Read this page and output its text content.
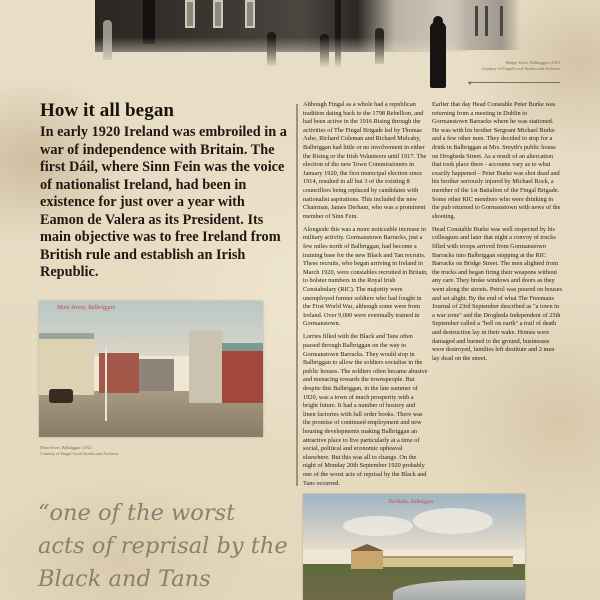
Bridge Street, Balbriggan c1912
Courtesy of Fingal Local Studies and Archives
How it all began

In early 1920 Ireland was embroiled in a war of independence with Britain. The first Dáil, where Sinn Fein was the voice of nationalist Ireland, had been in existence for just over a year with Eamon de Valera as its President. Its main objective was to free Ireland from British rule and establish an Irish Republic.

Although Fingal as a whole had a republican tradition dating back to the 1798 Rebellion, and had been active in the 1916 Rising through the activities of The Fingal Brigade led by Thomas Ashe, Richard Coleman and Richard Mulcahy, Balbriggan had little or no involvement in either the Rising or the Irish Volunteers until 1917. The election of the new Town Commissioners in January 1920, the first municipal election since 1914, resulted in all but 3 of the existing 8 councillors being replaced by candidates with nationalist aspirations. This included the new Chairman, James Derham, who was a prominent member of Sinn Fein.

Alongside this was a more noticeable increase in military activity. Gormanstown Barracks, just a few miles north of Balbriggan, had become a training base for the new Black and Tan recruits. These recruits, who began arriving in Ireland in March 1920, were constables recruited in Britain, to bolster numbers in the Royal Irish Constabulary (RIC). The majority were unemployed former soldiers who had fought in the First World War, although some were from Ireland. Over 9,000 were eventually trained in Gormanstown.

Lorries filled with the Black and Tans often passed through Balbriggan on the way to Gormanstown Barracks. They would stop in Balbriggan to allow the soldiers socialise in the public houses. The soldiers often became abusive and menacing towards the townspeople. But despite this Balbriggan, in the late summer of 1920, was a town of much prosperity with a bright future. It had a number of hosiery and linen factories with full order books. There was the promise of continued employment and new housing developments making Balbriggan an attractive place to live particularly at a time of social, political and economic upheaval elsewhere. But this was all to change. On the night of Monday 20th September 1920 probably one of the worst acts of reprisal by the Black and Tans occurred.

Earlier that day Head Constable Peter Burke was returning from a meeting in Dublin to Gormanstown Barracks where he was stationed. He was with his brother Sergeant Michael Burke and a few other men. They decided to stop for a drink in Balbriggan at Mrs. Smyth's public house on Drogheda Street. As a result of an altercation that took place there - accounts vary as to what exactly happened – Peter Burke was shot dead and his brother seriously injured by Michael Rock, a member of the 1st Battalion of the Fingal Brigade. Some other RIC members who were drinking in the pub returned to Gormanstown with news of the shooting.

Head Constable Burke was well respected by his colleagues and later that night a convoy of trucks filled with troops arrived from Gormanstown Barracks into Balbriggan stopping at the RIC Barracks on Bridge Street. The men alighted from the trucks and began firing their weapons without any care. They broke windows and doors as they went along the streets. Petrol was poured on houses and set alight. By the end of what The Freemans Journal of 23rd September described as "a town in a war zone" and the Drogheda Independent of 25th September called a "hell on earth" a trail of death and destruction lay in their wake. Homes were damaged and burned to the ground, businesses were destroyed, families left destitute and 2 men lay dead on the street.

Main Street, Balbriggan
Main Street, Balbriggan c1912
Courtesy of Fingal Local Studies and Archives
“one of the worst acts of reprisal by the Black and Tans
The Baths, Balbriggan
